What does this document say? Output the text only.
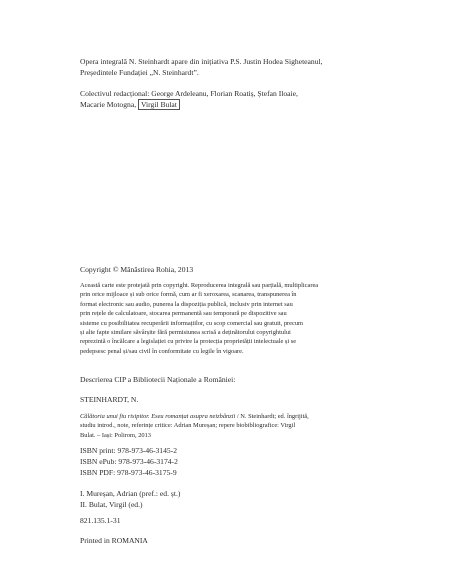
Opera integrală N. Steinhardt apare din inițiativa P.S. Justin Hodea Sigheteanul,
Președintele Fundației „N. Steinhardt”.
Colectivul redacțional: George Ardeleanu, Florian Roatiș, Ștefan Iloaie,
Macarie Motogna, Virgil Bulat
Copyright © Mânăstirea Rohia, 2013
Această carte este protejată prin copyright. Reproducerea integrală sau parțială, multiplicarea
prin orice mijloace și sub orice formă, cum ar fi xeroxarea, scanarea, transpunerea în
format electronic sau audio, punerea la dispoziția publică, inclusiv prin internet sau
prin rețele de calculatoare, stocarea permanentă sau temporară pe dispozitive sau
sisteme cu posibilitatea recuperării informațiilor, cu scop comercial sau gratuit, precum
și alte fapte similare săvârșite fără permisiunea scrisă a deținătorului copyrightului
reprezintă o încălcare a legislației cu privire la protecția proprietății intelectuale și se
pedepsesc penal și/sau civil în conformitate cu legile în vigoare.
Descrierea CIP a Bibliotecii Naționale a României:
STEINHARDT, N.
Călătoria unui fiu risipitor. Eseu romanțat asupra neizbânzii / N. Steinhardt; ed. îngrijită,
studiu introd., note, referințe critice: Adrian Mureșan; repere biobibliografice: Virgil
Bulat. – Iași: Polirom, 2013
ISBN print: 978-973-46-3145-2
ISBN ePub: 978-973-46-3174-2
ISBN PDF: 978-973-46-3175-9
I. Mureșan, Adrian (pref.: ed. șt.)
II. Bulat, Virgil (ed.)
821.135.1-31
Printed in ROMANIA
